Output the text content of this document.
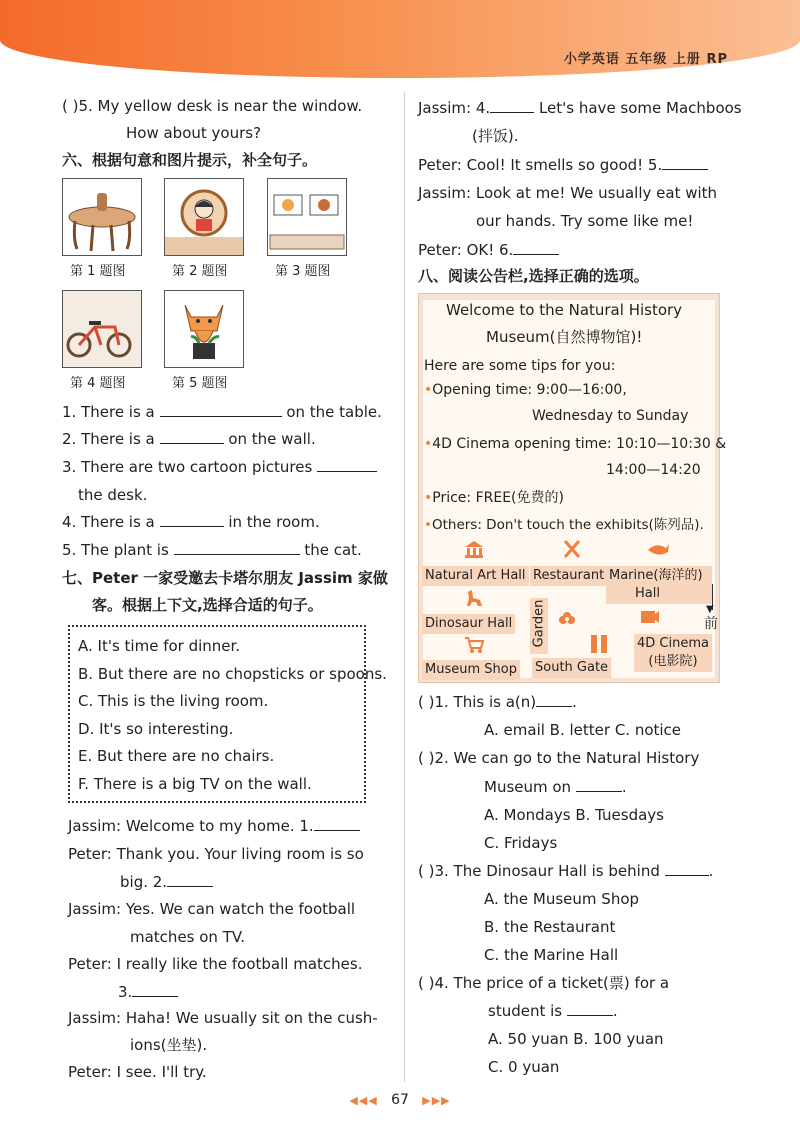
小学英语 五年级 上册 RP
( )5. My yellow desk is near the window.
How about yours?
六、根据句意和图片提示，补全句子。
第 1 题图	第 2 题图	第 3 题图
第 4 题图	第 5 题图
1. There is a	on the table.
2. There is a	on the wall.
3. There are two cartoon pictures
the desk.
4. There is a	in the room.
5. The plant is	the cat.
七、Peter 一家受邀去卡塔尔朋友 Jassim 家做
客。根据上下文,选择合适的句子。
A. It's time for dinner.
B. But there are no chopsticks or spoons.
C. This is the living room.
D. It's so interesting.
E. But there are no chairs.
F. There is a big TV on the wall.
Jassim: Welcome to my home. 1.
Peter: Thank you. Your living room is so
big. 2.
Jassim: Yes. We can watch the football
matches on TV.
Peter: I really like the football matches.
3.
Jassim: Haha! We usually sit on the cush-
ions(坐垫).
Peter: I see. I'll try.
Jassim: 4.	Let's have some Machboos
(拌饭).
Peter: Cool! It smells so good! 5.
Jassim: Look at me! We usually eat with
our hands. Try some like me!
Peter: OK! 6.
八、阅读公告栏,选择正确的选项。
Welcome to the Natural History
Museum(自然博物馆)!
Here are some tips for you:
•Opening time: 9:00—16:00,
Wednesday to Sunday
•4D Cinema opening time: 10:10—10:30 &
14:00—14:20
•Price: FREE(免费的)
•Others: Don't touch the exhibits(陈列品).
Natural Art Hall Restaurant Marine(海洋的)
Hall
▼
前
Dinosaur Hall Garden	4D Cinema
(电影院)
Museum Shop South Gate
( )1. This is a(n) .
A. email B. letter C. notice
( )2. We can go to the Natural History
Museum on	.
A. Mondays B. Tuesdays
C. Fridays
( )3. The Dinosaur Hall is behind	.
A. the Museum Shop
B. the Restaurant
C. the Marine Hall
( )4. The price of a ticket(票) for a
student is	.
A. 50 yuan B. 100 yuan
C. 0 yuan
◀◀◀ 67 ▶▶▶
